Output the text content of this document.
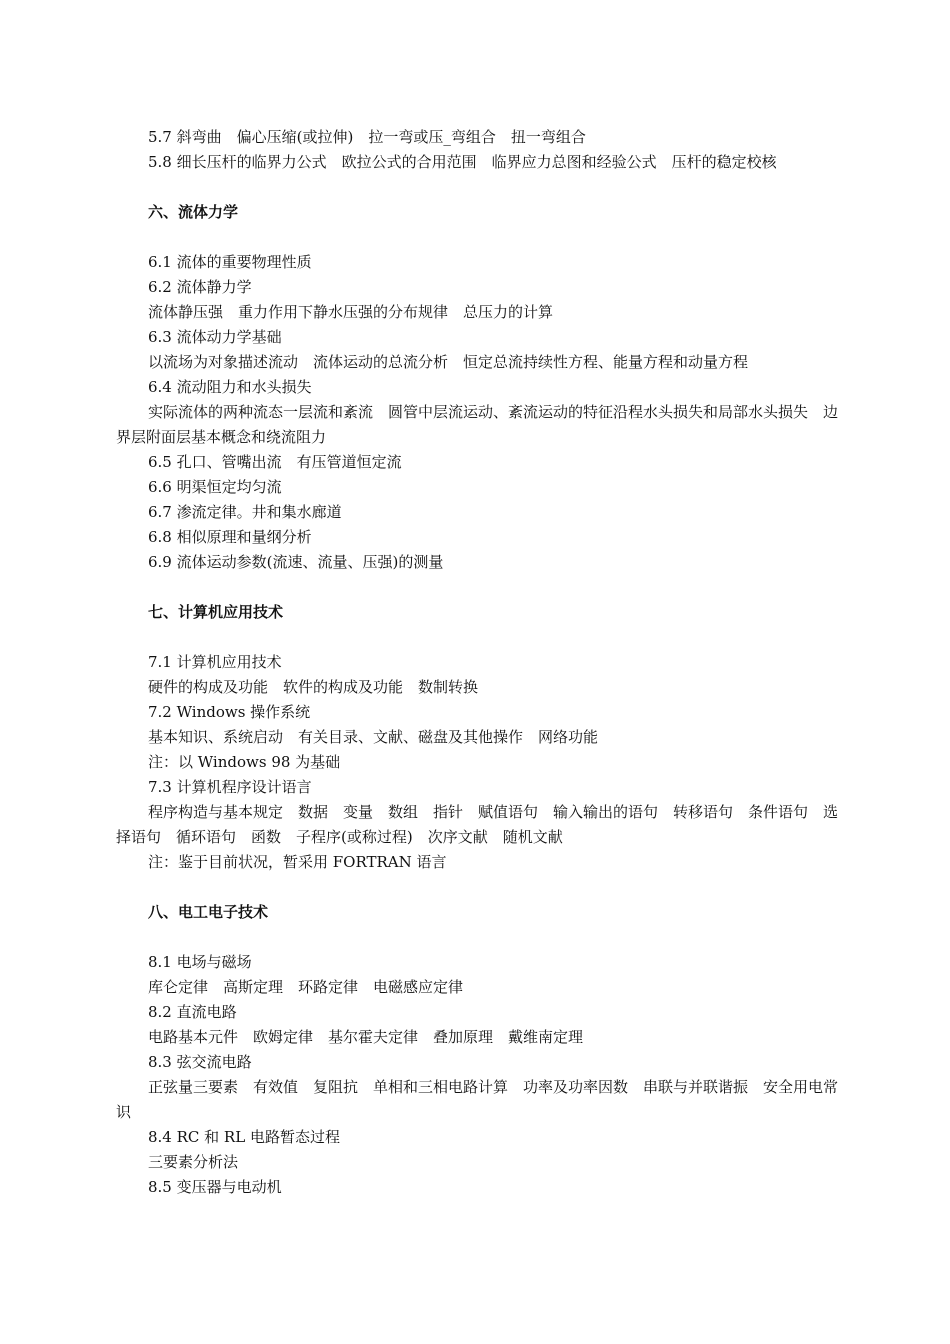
5.7 斜弯曲　偏心压缩(或拉伸)　拉一弯或压_弯组合　扭一弯组合

5.8 细长压杆的临界力公式　欧拉公式的合用范围　临界应力总图和经验公式　压杆的稳定校核

六、流体力学

6.1 流体的重要物理性质

6.2 流体静力学

流体静压强　重力作用下静水压强的分布规律　总压力的计算

6.3 流体动力学基础

以流场为对象描述流动　流体运动的总流分析　恒定总流持续性方程、能量方程和动量方程

6.4 流动阻力和水头损失

实际流体的两种流态一层流和紊流　圆管中层流运动、紊流运动的特征沿程水头损失和局部水头损失　边界层附面层基本概念和绕流阻力

6.5 孔口、管嘴出流　有压管道恒定流

6.6 明渠恒定均匀流

6.7 渗流定律。井和集水廊道

6.8 相似原理和量纲分析

6.9 流体运动参数(流速、流量、压强)的测量

七、计算机应用技术

7.1 计算机应用技术

硬件的构成及功能　软件的构成及功能　数制转换

7.2 Windows 操作系统

基本知识、系统启动　有关目录、文献、磁盘及其他操作　网络功能

注：以 Windows 98 为基础

7.3 计算机程序设计语言

程序构造与基本规定　数据　变量　数组　指针　赋值语句　输入输出的语句　转移语句　条件语句　选择语句　循环语句　函数　子程序(或称过程)　次序文献　随机文献

注：鉴于目前状况，暂采用 FORTRAN 语言

八、电工电子技术

8.1 电场与磁场

库仑定律　高斯定理　环路定律　电磁感应定律

8.2 直流电路

电路基本元件　欧姆定律　基尔霍夫定律　叠加原理　戴维南定理

8.3 弦交流电路

正弦量三要素　有效值　复阻抗　单相和三相电路计算　功率及功率因数　串联与并联谐振　安全用电常识

8.4 RC 和 RL 电路暂态过程

三要素分析法

8.5 变压器与电动机
